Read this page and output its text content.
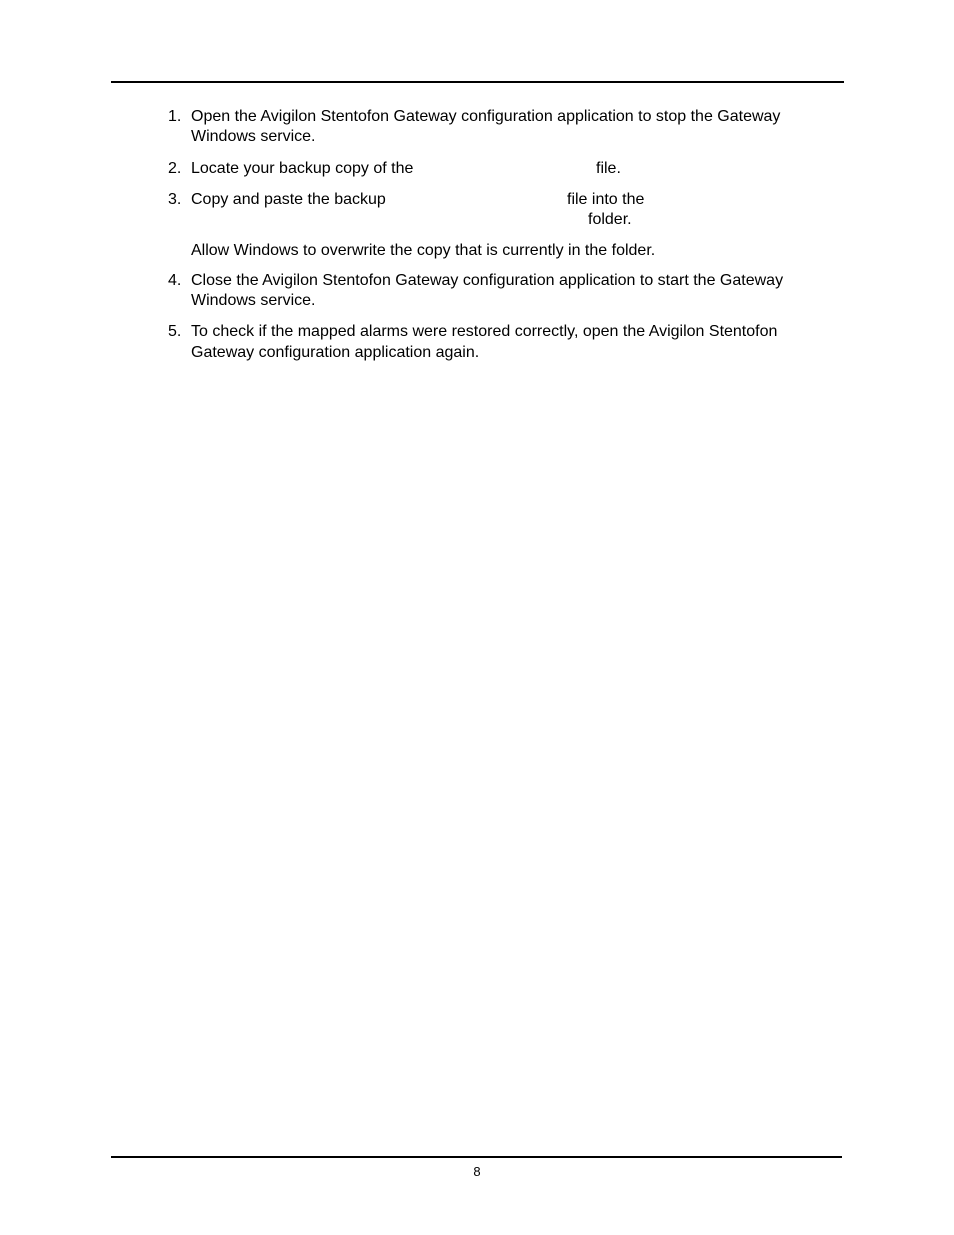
1. Open the Avigilon Stentofon Gateway configuration application to stop the Gateway

Windows service.

2. Locate your backup copy of the	file.

3. Copy and paste the backup	file into the

folder.

Allow Windows to overwrite the copy that is currently in the folder.

4. Close the Avigilon Stentofon Gateway configuration application to start the Gateway

Windows service.

5. To check if the mapped alarms were restored correctly, open the Avigilon Stentofon

Gateway configuration application again.

8
